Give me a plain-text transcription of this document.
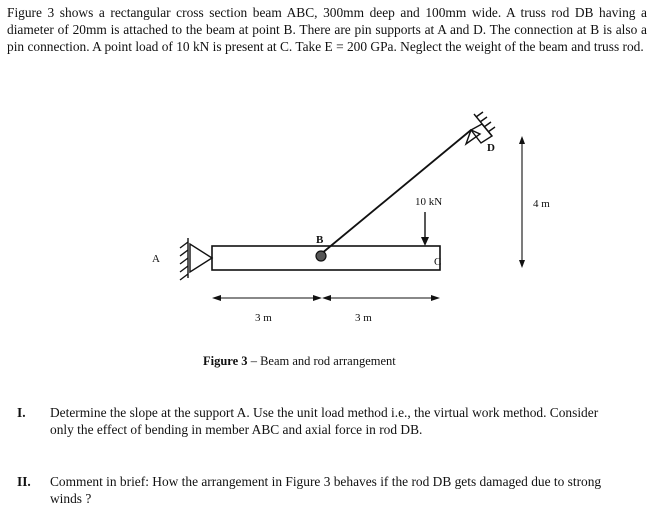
Figure 3 shows a rectangular cross section beam ABC, 300mm deep and 100mm wide. A truss rod DB having a diameter of 20mm is attached to the beam at point B. There are pin supports at A and D. The connection at B is also a pin connection. A point load of 10 kN is present at C. Take E = 200 GPa. Neglect the weight of the beam and truss rod.

A
B
D
10 kN
C
4 m
3 m	3 m
Figure 3 – Beam and rod arrangement
I. Determine the slope at the support A. Use the unit load method i.e., the virtual work method. Consider only the effect of bending in member ABC and axial force in rod DB.
II. Comment in brief: How the arrangement in Figure 3 behaves if the rod DB gets damaged due to strong winds ?
